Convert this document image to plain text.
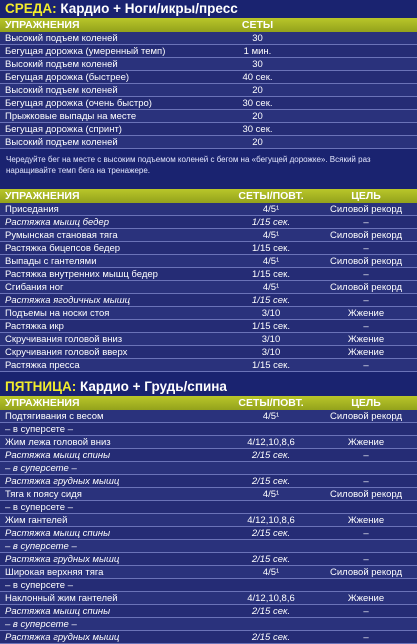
СРЕДА: Кардио + Ноги/икры/пресс
УПРАЖНЕНИЯ	СЕТЫ
Высокий подъем коленей	30
Бегущая дорожка (умеренный темп)	1 мин.
Высокий подъем коленей	30
Бегущая дорожка (быстрее)	40 сек.
Высокий подъем коленей	20
Бегущая дорожка (очень быстро)	30 сек.
Прыжковые выпады на месте	20
Бегущая дорожка (спринт)	30 сек.
Высокий подъем коленей	20
Чередуйте бег на месте с высоким подъемом коленей с бегом на «бегущей дорожке». Всякий раз наращивайте темп бега на тренажере.
УПРАЖНЕНИЯ	СЕТЫ/ПОВТ.	ЦЕЛЬ
Приседания	4/5¹	Силовой рекорд
Растяжка мышц бедер	1/15 сек.	–
Румынская становая тяга	4/5¹	Силовой рекорд
Растяжка бицепсов бедер	1/15 сек.	–
Выпады с гантелями	4/5¹	Силовой рекорд
Растяжка внутренних мышц бедер	1/15 сек.	–
Сгибания ног	4/5¹	Силовой рекорд
Растяжка ягодичных мышц	1/15 сек.	–
Подъемы на носки стоя	3/10	Жжение
Растяжка икр	1/15 сек.	–
Скручивания головой вниз	3/10	Жжение
Скручивания головой вверх	3/10	Жжение
Растяжка пресса	1/15 сек.	–
ПЯТНИЦА: Кардио + Грудь/спина
УПРАЖНЕНИЯ	СЕТЫ/ПОВТ.	ЦЕЛЬ
Подтягивания с весом	4/5¹	Силовой рекорд
– в суперсете –
Жим лежа головой вниз	4/12,10,8,6	Жжение
Растяжка мышц спины	2/15 сек.	–
– в суперсете –
Растяжка грудных мышц	2/15 сек.	–
Тяга к поясу сидя	4/5¹	Силовой рекорд
– в суперсете –
Жим гантелей	4/12,10,8,6	Жжение
Растяжка мышц спины	2/15 сек.	–
– в суперсете –
Растяжка грудных мышц	2/15 сек.	–
Широкая верхняя тяга	4/5¹	Силовой рекорд
– в суперсете –
Наклонный жим гантелей	4/12,10,8,6	Жжение
Растяжка мышц спины	2/15 сек.	–
– в суперсете –
Растяжка грудных мышц	2/15 сек.	–
